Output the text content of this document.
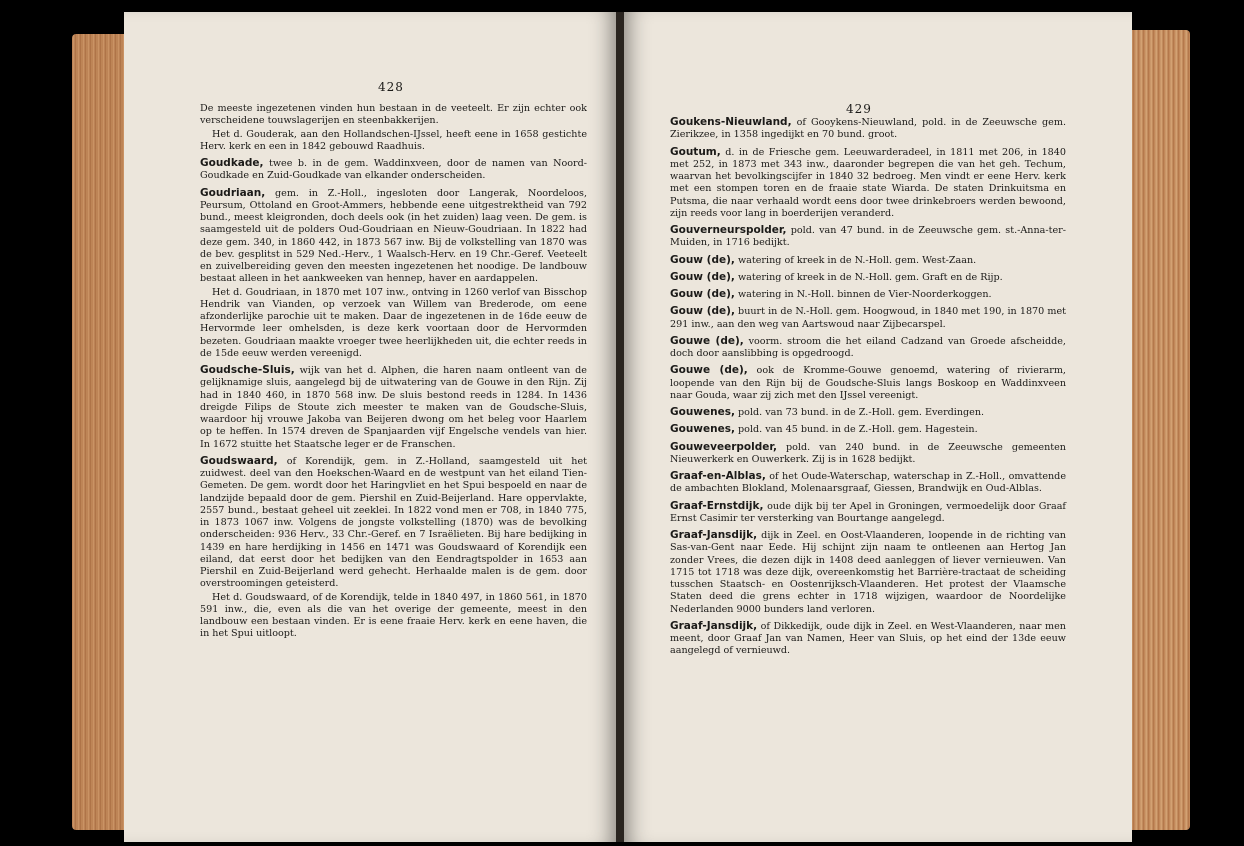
428

De meeste ingezetenen vinden hun bestaan in de veeteelt. Er zijn echter ook verscheidene touwslagerijen en steenbakkerijen.

Het d. Gouderak, aan den Hollandschen-IJssel, heeft eene in 1658 gestichte Herv. kerk en een in 1842 gebouwd Raadhuis.

Goudkade, twee b. in de gem. Waddinxveen, door de namen van Noord-Goudkade en Zuid-Goudkade van elkander onderscheiden.

Goudriaan, gem. in Z.-Holl., ingesloten door Langerak, Noordeloos, Peursum, Ottoland en Groot-Ammers, hebbende eene uitgestrektheid van 792 bund., meest kleigronden, doch deels ook (in het zuiden) laag veen. De gem. is saamgesteld uit de polders Oud-Goudriaan en Nieuw-Goudriaan. In 1822 had deze gem. 340, in 1860 442, in 1873 567 inw. Bij de volkstelling van 1870 was de bev. gesplitst in 529 Ned.-Herv., 1 Waalsch-Herv. en 19 Chr.-Geref. Veeteelt en zuivelbereiding geven den meesten ingezetenen het noodige. De landbouw bestaat alleen in het aankweeken van hennep, haver en aardappelen.

Het d. Goudriaan, in 1870 met 107 inw., ontving in 1260 verlof van Bisschop Hendrik van Vianden, op verzoek van Willem van Brederode, om eene afzonderlijke parochie uit te maken. Daar de ingezetenen in de 16de eeuw de Hervormde leer omhelsden, is deze kerk voortaan door de Hervormden bezeten. Goudriaan maakte vroeger twee heerlijkheden uit, die echter reeds in de 15de eeuw werden vereenigd.

Goudsche-Sluis, wijk van het d. Alphen, die haren naam ontleent van de gelijknamige sluis, aangelegd bij de uitwatering van de Gouwe in den Rijn. Zij had in 1840 460, in 1870 568 inw. De sluis bestond reeds in 1284. In 1436 dreigde Filips de Stoute zich meester te maken van de Goudsche-Sluis, waardoor hij vrouwe Jakoba van Beijeren dwong om het beleg voor Haarlem op te heffen. In 1574 dreven de Spanjaarden vijf Engelsche vendels van hier. In 1672 stuitte het Staatsche leger er de Franschen.

Goudswaard, of Korendijk, gem. in Z.-Holland, saamgesteld uit het zuidwest. deel van den Hoekschen-Waard en de westpunt van het eiland Tien-Gemeten. De gem. wordt door het Haringvliet en het Spui bespoeld en naar de landzijde bepaald door de gem. Piershil en Zuid-Beijerland. Hare oppervlakte, 2557 bund., bestaat geheel uit zeeklei. In 1822 vond men er 708, in 1840 775, in 1873 1067 inw. Volgens de jongste volkstelling (1870) was de bevolking onderscheiden: 936 Herv., 33 Chr.-Geref. en 7 Israëlieten. Bij hare bedijking in 1439 en hare herdijking in 1456 en 1471 was Goudswaard of Korendijk een eiland, dat eerst door het bedijken van den Eendragtspolder in 1653 aan Piershil en Zuid-Beijerland werd gehecht. Herhaalde malen is de gem. door overstroomingen geteisterd.

Het d. Goudswaard, of de Korendijk, telde in 1840 497, in 1860 561, in 1870 591 inw., die, even als die van het overige der gemeente, meest in den landbouw een bestaan vinden. Er is eene fraaie Herv. kerk en eene haven, die in het Spui uitloopt.

429

Goukens-Nieuwland, of Gooykens-Nieuwland, pold. in de Zeeuwsche gem. Zierikzee, in 1358 ingedijkt en 70 bund. groot.

Goutum, d. in de Friesche gem. Leeuwarderadeel, in 1811 met 206, in 1840 met 252, in 1873 met 343 inw., daaronder begrepen die van het geh. Techum, waarvan het bevolkingscijfer in 1840 32 bedroeg. Men vindt er eene Herv. kerk met een stompen toren en de fraaie state Wiarda. De staten Drinkuitsma en Putsma, die naar verhaald wordt eens door twee drinkebroers werden bewoond, zijn reeds voor lang in boerderijen veranderd.

Gouverneurspolder, pold. van 47 bund. in de Zeeuwsche gem. st.-Anna-ter-Muiden, in 1716 bedijkt.

Gouw (de), watering of kreek in de N.-Holl. gem. West-Zaan.

Gouw (de), watering of kreek in de N.-Holl. gem. Graft en de Rijp.

Gouw (de), watering in N.-Holl. binnen de Vier-Noorderkoggen.

Gouw (de), buurt in de N.-Holl. gem. Hoogwoud, in 1840 met 190, in 1870 met 291 inw., aan den weg van Aartswoud naar Zijbecarspel.

Gouwe (de), voorm. stroom die het eiland Cadzand van Groede afscheidde, doch door aanslibbing is opgedroogd.

Gouwe (de), ook de Kromme-Gouwe genoemd, watering of rivierarm, loopende van den Rijn bij de Goudsche-Sluis langs Boskoop en Waddinxveen naar Gouda, waar zij zich met den IJssel vereenigt.

Gouwenes, pold. van 73 bund. in de Z.-Holl. gem. Everdingen.

Gouwenes, pold. van 45 bund. in de Z.-Holl. gem. Hagestein.

Gouweveerpolder, pold. van 240 bund. in de Zeeuwsche gemeenten Nieuwerkerk en Ouwerkerk. Zij is in 1628 bedijkt.

Graaf-en-Alblas, of het Oude-Waterschap, waterschap in Z.-Holl., omvattende de ambachten Blokland, Molenaarsgraaf, Giessen, Brandwijk en Oud-Alblas.

Graaf-Ernstdijk, oude dijk bij ter Apel in Groningen, vermoedelijk door Graaf Ernst Casimir ter versterking van Bourtange aangelegd.

Graaf-Jansdijk, dijk in Zeel. en Oost-Vlaanderen, loopende in de richting van Sas-van-Gent naar Eede. Hij schijnt zijn naam te ontleenen aan Hertog Jan zonder Vrees, die dezen dijk in 1408 deed aanleggen of liever vernieuwen. Van 1715 tot 1718 was deze dijk, overeenkomstig het Barrière-tractaat de scheiding tusschen Staatsch- en Oostenrijksch-Vlaanderen. Het protest der Vlaamsche Staten deed die grens echter in 1718 wijzigen, waardoor de Noordelijke Nederlanden 9000 bunders land verloren.

Graaf-Jansdijk, of Dikkedijk, oude dijk in Zeel. en West-Vlaanderen, naar men meent, door Graaf Jan van Namen, Heer van Sluis, op het eind der 13de eeuw aangelegd of vernieuwd.
